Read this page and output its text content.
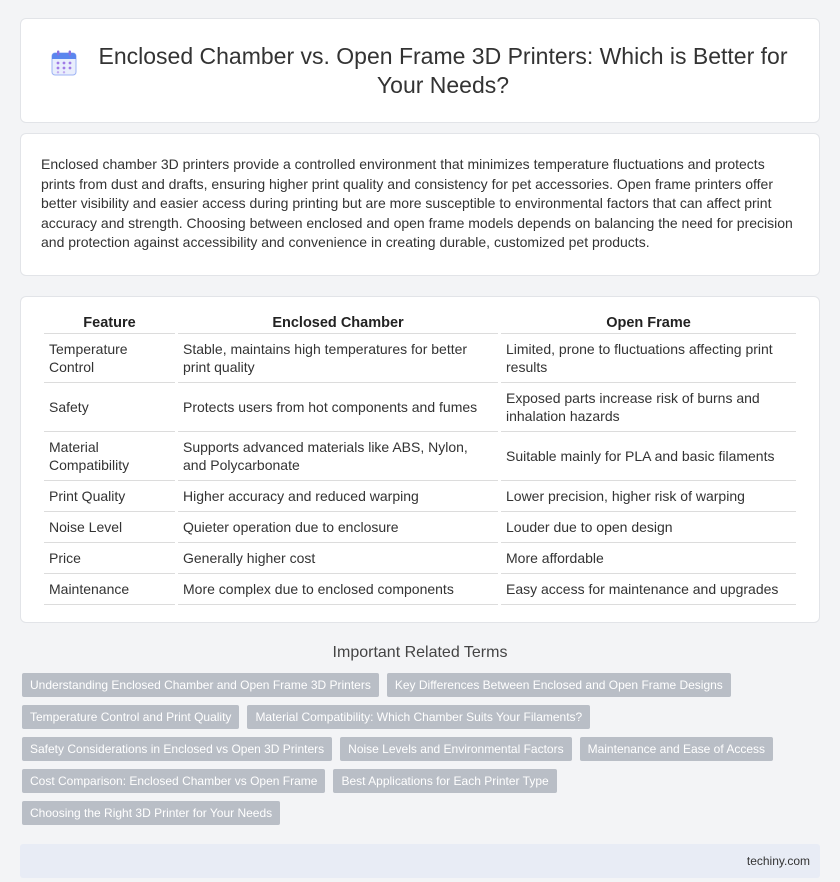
Enclosed Chamber vs. Open Frame 3D Printers: Which is Better for Your Needs?

Enclosed chamber 3D printers provide a controlled environment that minimizes temperature fluctuations and protects prints from dust and drafts, ensuring higher print quality and consistency for pet accessories. Open frame printers offer better visibility and easier access during printing but are more susceptible to environmental factors that can affect print accuracy and strength. Choosing between enclosed and open frame models depends on balancing the need for precision and protection against accessibility and convenience in creating durable, customized pet products.

Feature	Enclosed Chamber	Open Frame
Temperature Control	Stable, maintains high temperatures for better print quality	Limited, prone to fluctuations affecting print results
Safety	Protects users from hot components and fumes	Exposed parts increase risk of burns and inhalation hazards
Material Compatibility	Supports advanced materials like ABS, Nylon, and Polycarbonate	Suitable mainly for PLA and basic filaments
Print Quality	Higher accuracy and reduced warping	Lower precision, higher risk of warping
Noise Level	Quieter operation due to enclosure	Louder due to open design
Price	Generally higher cost	More affordable
Maintenance	More complex due to enclosed components	Easy access for maintenance and upgrades
Important Related Terms
Understanding Enclosed Chamber and Open Frame 3D Printers	Key Differences Between Enclosed and Open Frame Designs
Temperature Control and Print Quality	Material Compatibility: Which Chamber Suits Your Filaments?
Safety Considerations in Enclosed vs Open 3D Printers	Noise Levels and Environmental Factors	Maintenance and Ease of Access
Cost Comparison: Enclosed Chamber vs Open Frame	Best Applications for Each Printer Type
Choosing the Right 3D Printer for Your Needs
techiny.com
